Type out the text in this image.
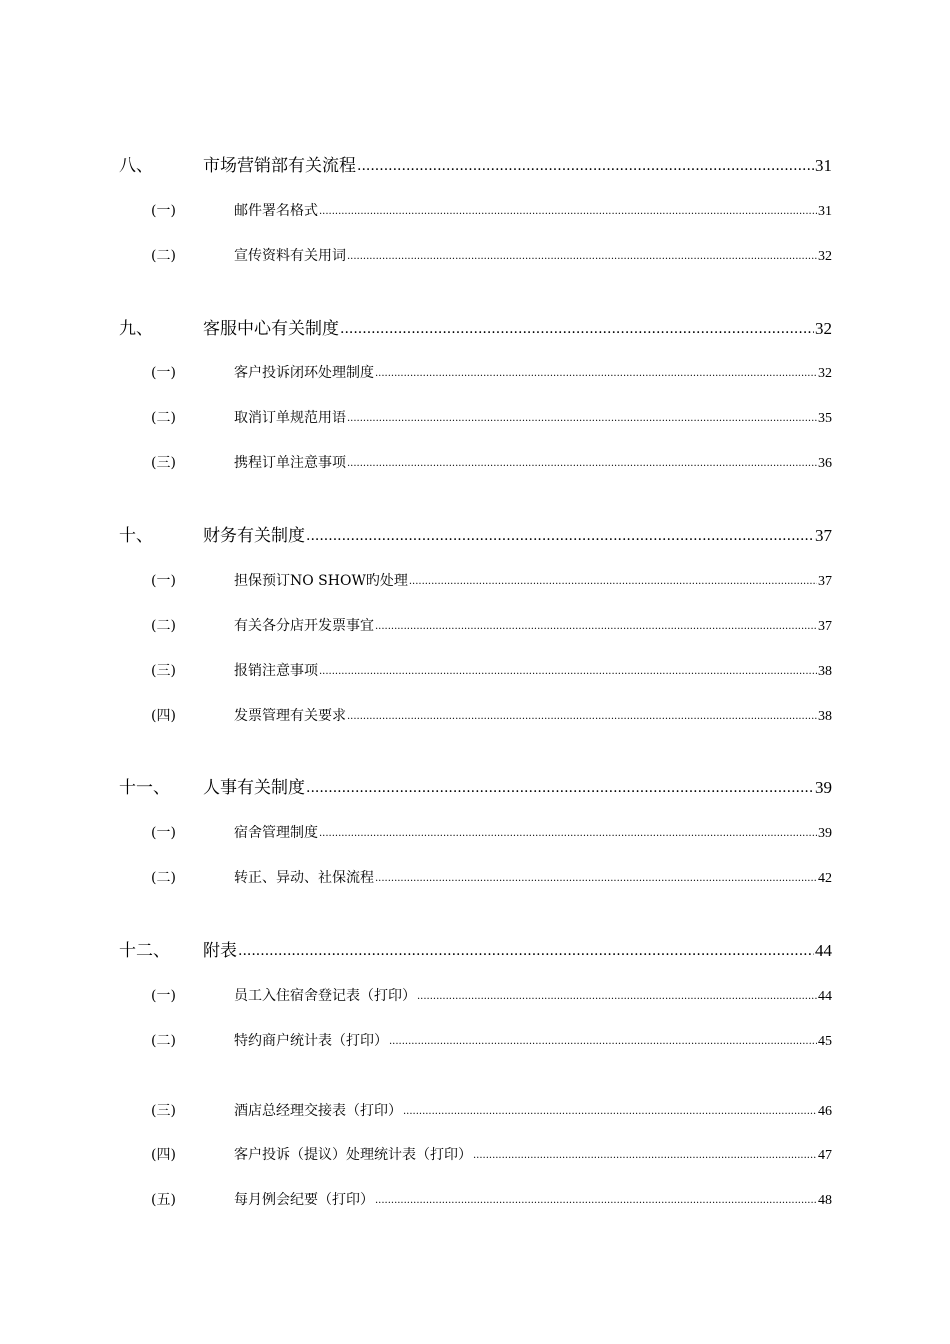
八、	市场营销部有关流程 .....	31
(一)	邮件署名格式 .....	31
(二)	宣传资料有关用词 .....	32
九、	客服中心有关制度 .....	32
(一)	客户投诉闭环处理制度 .....	32
(二)	取消订单规范用语 .....	35
(三)	携程订单注意事项 .....	36
十、	财务有关制度 .....	37
(一)	担保预订NO SHOW旳处理 .....	37
(二)	有关各分店开发票事宜 .....	37
(三)	报销注意事项 .....	38
(四)	发票管理有关要求 .....	38
十一、	人事有关制度 .....	39
(一)	宿舍管理制度 .....	39
(二)	转正、异动、社保流程 .....	42
十二、	附表 .....	44
(一)	员工入住宿舍登记表（打印） .....	44
(二)	特约商户统计表（打印） .....	45
(三)	酒店总经理交接表（打印） .....	46
(四)	客户投诉（提议）处理统计表（打印） .....	47
(五)	每月例会纪要（打印） .....	48
